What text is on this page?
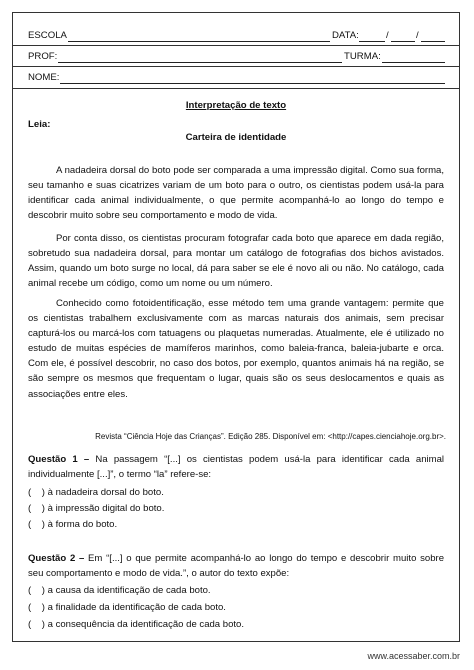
ESCOLA	DATA:	/	/
PROF:	TURMA:
NOME:
Interpretação de texto
Leia:
Carteira de identidade

A nadadeira dorsal do boto pode ser comparada a uma impressão digital. Como sua forma, seu tamanho e suas cicatrizes variam de um boto para o outro, os cientistas podem usá-la para identificar cada animal individualmente, o que permite acompanhá-lo ao longo do tempo e descobrir muito sobre seu comportamento e modo de vida.

Por conta disso, os cientistas procuram fotografar cada boto que aparece em dada região, sobretudo sua nadadeira dorsal, para montar um catálogo de fotografias dos bichos avistados. Assim, quando um boto surge no local, dá para saber se ele é novo ali ou não. No catálogo, cada animal recebe um código, como um nome ou um número.

Conhecido como fotoidentificação, esse método tem uma grande vantagem: permite que os cientistas trabalhem exclusivamente com as marcas naturais dos animais, sem precisar capturá-los ou marcá-los com tatuagens ou plaquetas numeradas. Atualmente, ele é utilizado no estudo de muitas espécies de mamíferos marinhos, como baleia-franca, baleia-jubarte e orca. Com ele, é possível descobrir, no caso dos botos, por exemplo, quantos animais há na região, se são sempre os mesmos que frequentam o lugar, quais são os seus deslocamentos e quais as associações entre eles.

Revista “Ciência Hoje das Crianças”. Edição 285. Disponível em: <http://capes.cienciahoje.org.br>.

Questão 1 – Na passagem “[...] os cientistas podem usá-la para identificar cada animal individualmente [...]”, o termo “la” refere-se:

(    ) à nadadeira dorsal do boto.
(    ) à impressão digital do boto.
(    ) à forma do boto.

Questão 2 – Em “[...] o que permite acompanhá-lo ao longo do tempo e descobrir muito sobre seu comportamento e modo de vida.”, o autor do texto expõe:

(    ) a causa da identificação de cada boto.
(    ) a finalidade da identificação de cada boto.
(    ) a consequência da identificação de cada boto.
www.acessaber.com.br
